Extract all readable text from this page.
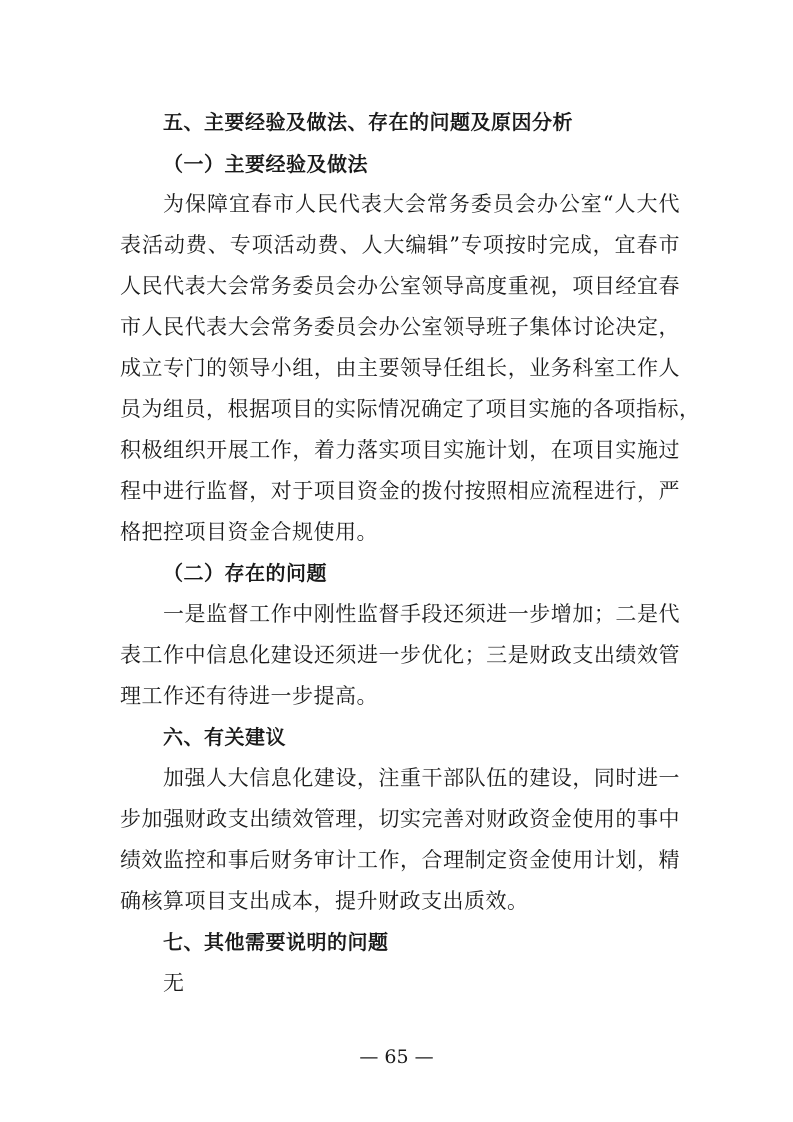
五、主要经验及做法、存在的问题及原因分析
（一）主要经验及做法
为保障宜春市人民代表大会常务委员会办公室“人大代
表活动费、专项活动费、人大编辑”专项按时完成，宜春市
人民代表大会常务委员会办公室领导高度重视，项目经宜春
市人民代表大会常务委员会办公室领导班子集体讨论决定，
成立专门的领导小组，由主要领导任组长，业务科室工作人
员为组员，根据项目的实际情况确定了项目实施的各项指标，
积极组织开展工作，着力落实项目实施计划，在项目实施过
程中进行监督，对于项目资金的拨付按照相应流程进行，严
格把控项目资金合规使用。
（二）存在的问题
一是监督工作中刚性监督手段还须进一步增加；二是代
表工作中信息化建设还须进一步优化；三是财政支出绩效管
理工作还有待进一步提高。
六、有关建议
加强人大信息化建设，注重干部队伍的建设，同时进一
步加强财政支出绩效管理，切实完善对财政资金使用的事中
绩效监控和事后财务审计工作，合理制定资金使用计划，精
确核算项目支出成本，提升财政支出质效。
七、其他需要说明的问题
无
— 65 —
